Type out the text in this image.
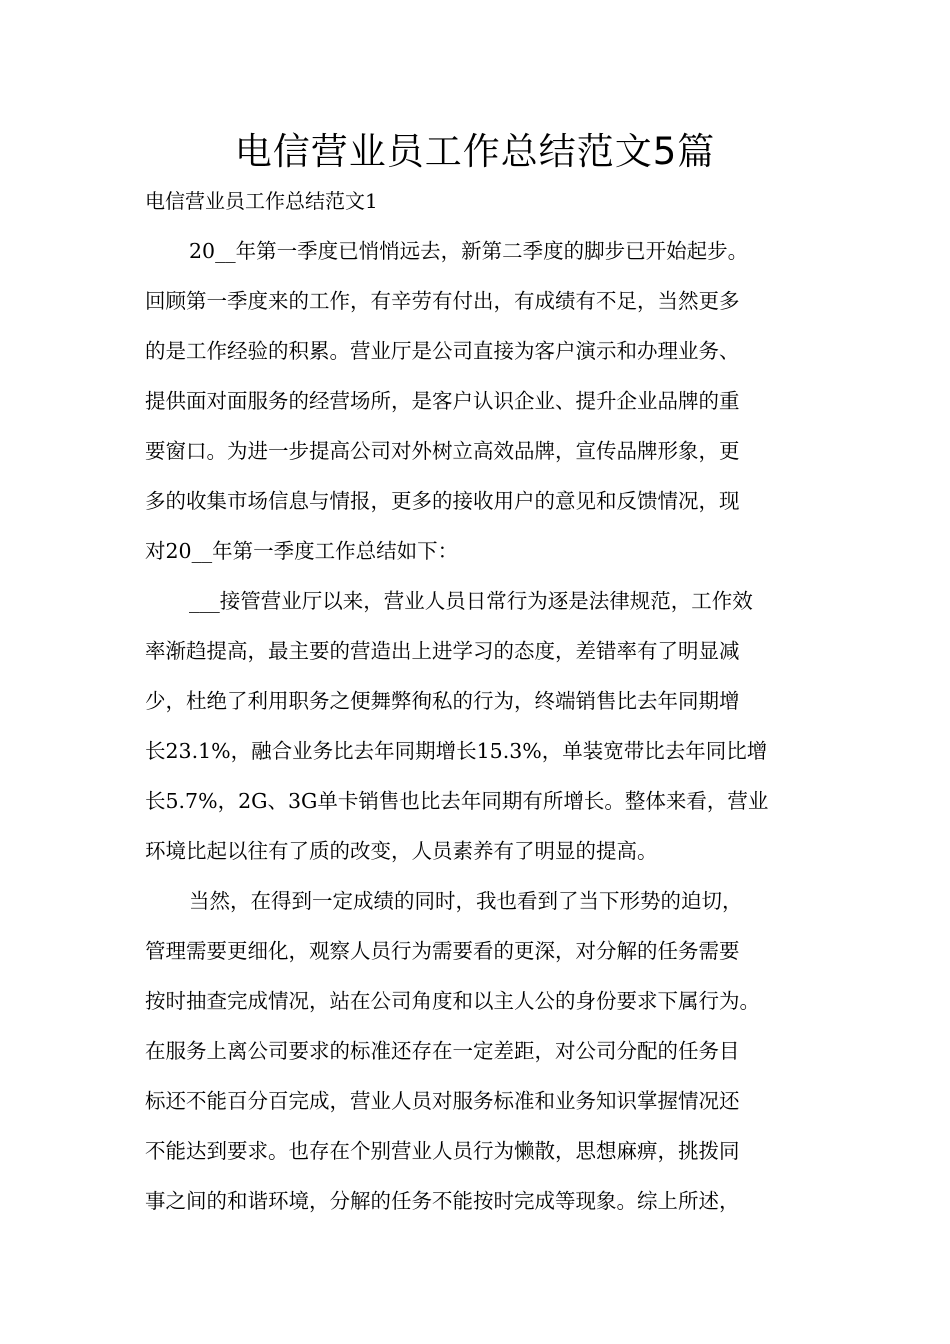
电信营业员工作总结范文5篇

电信营业员工作总结范文1

20__年第一季度已悄悄远去，新第二季度的脚步已开始起步。
回顾第一季度来的工作，有辛劳有付出，有成绩有不足，当然更多
的是工作经验的积累。营业厅是公司直接为客户演示和办理业务、
提供面对面服务的经营场所，是客户认识企业、提升企业品牌的重
要窗口。为进一步提高公司对外树立高效品牌，宣传品牌形象，更
多的收集市场信息与情报，更多的接收用户的意见和反馈情况，现
对20__年第一季度工作总结如下：
___接管营业厅以来，营业人员日常行为逐是法律规范，工作效
率渐趋提高，最主要的营造出上进学习的态度，差错率有了明显减
少，杜绝了利用职务之便舞弊徇私的行为，终端销售比去年同期增
长23.1%，融合业务比去年同期增长15.3%，单装宽带比去年同比增
长5.7%，2G、3G单卡销售也比去年同期有所增长。整体来看，营业
环境比起以往有了质的改变，人员素养有了明显的提高。
当然，在得到一定成绩的同时，我也看到了当下形势的迫切，
管理需要更细化，观察人员行为需要看的更深，对分解的任务需要
按时抽查完成情况，站在公司角度和以主人公的身份要求下属行为。
在服务上离公司要求的标准还存在一定差距，对公司分配的任务目
标还不能百分百完成，营业人员对服务标准和业务知识掌握情况还
不能达到要求。也存在个别营业人员行为懒散，思想麻痹，挑拨同
事之间的和谐环境，分解的任务不能按时完成等现象。综上所述，
